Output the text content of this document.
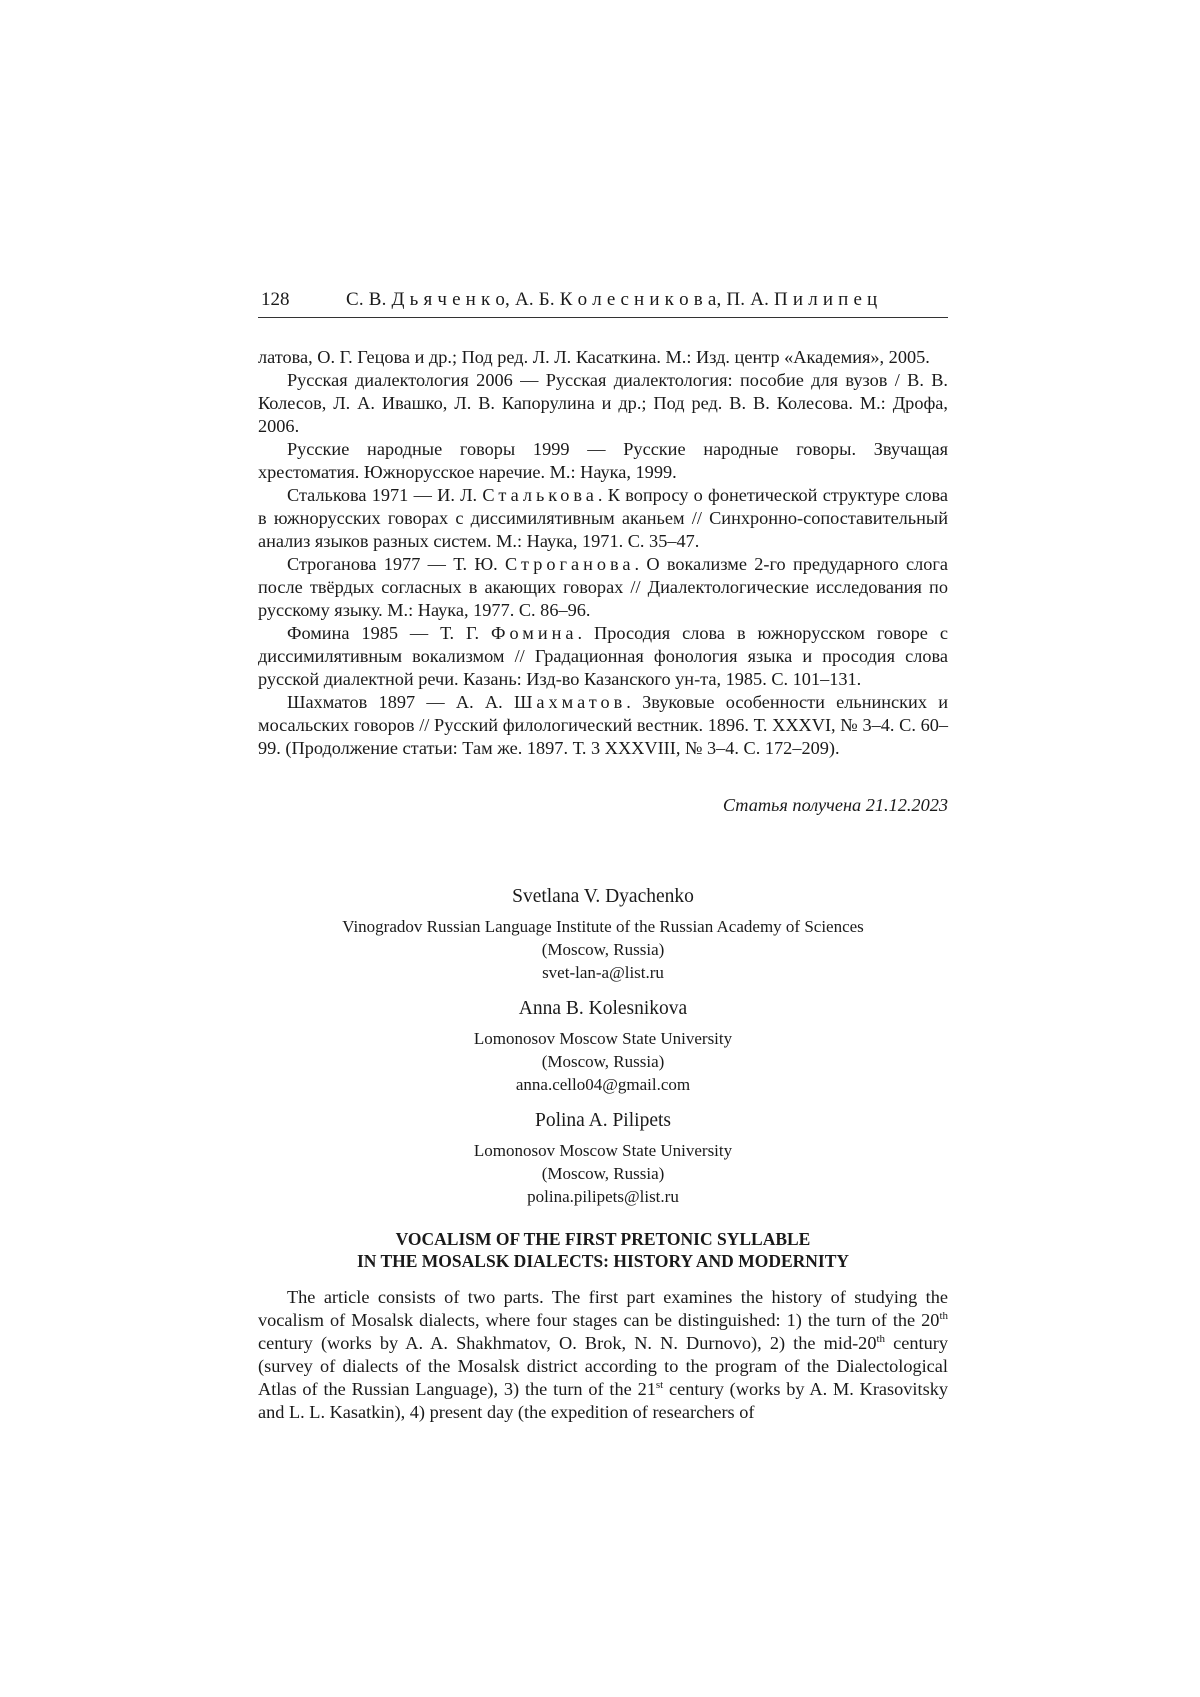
128	С. В. Д ь я ч е н к о, А. Б. К о л е с н и к о в а, П. А. П и л и п е ц

латова, О. Г. Гецова и др.; Под ред. Л. Л. Касаткина. М.: Изд. центр «Академия», 2005.

Русская диалектология 2006 — Русская диалектология: пособие для вузов / В. В. Колесов, Л. А. Ивашко, Л. В. Капорулина и др.; Под ред. В. В. Колесова. М.: Дрофа, 2006.

Русские народные говоры 1999 — Русские народные говоры. Звучащая хрестоматия. Южнорусское наречие. М.: Наука, 1999.

Сталькова 1971 — И. Л. Сталькова. К вопросу о фонетической структуре слова в южнорусских говорах с диссимилятивным аканьем // Синхронно-сопоставительный анализ языков разных систем. М.: Наука, 1971. С. 35–47.

Строганова 1977 — Т. Ю. Строганова. О вокализме 2-го предударного слога после твёрдых согласных в акающих говорах // Диалектологические исследования по русскому языку. М.: Наука, 1977. С. 86–96.

Фомина 1985 — Т. Г. Фомина. Просодия слова в южнорусском говоре с диссимилятивным вокализмом // Градационная фонология языка и просодия слова русской диалектной речи. Казань: Изд-во Казанского ун-та, 1985. С. 101–131.

Шахматов 1897 — А. А. Шахматов. Звуковые особенности ельнинских и мосальских говоров // Русский филологический вестник. 1896. Т. XXXVI, № 3–4. С. 60–99. (Продолжение статьи: Там же. 1897. Т. 3 XXXVIII, № 3–4. С. 172–209).

Статья получена 21.12.2023

Svetlana V. Dyachenko

Vinogradov Russian Language Institute of the Russian Academy of Sciences

(Moscow, Russia)

svet-lan-a@list.ru

Anna B. Kolesnikova

Lomonosov Moscow State University

(Moscow, Russia)

anna.cello04@gmail.com

Polina A. Pilipets

Lomonosov Moscow State University

(Moscow, Russia)

polina.pilipets@list.ru

VOCALISM OF THE FIRST PRETONIC SYLLABLE
IN THE MOSALSK DIALECTS: HISTORY AND MODERNITY

The article consists of two parts. The first part examines the history of studying the vocalism of Mosalsk dialects, where four stages can be distinguished: 1) the turn of the 20th century (works by A. A. Shakhmatov, O. Brok, N. N. Durnovo), 2) the mid-20th century (survey of dialects of the Mosalsk district according to the program of the Dialectological Atlas of the Russian Language), 3) the turn of the 21st century (works by A. M. Krasovitsky and L. L. Kasatkin), 4) present day (the expedition of researchers of
